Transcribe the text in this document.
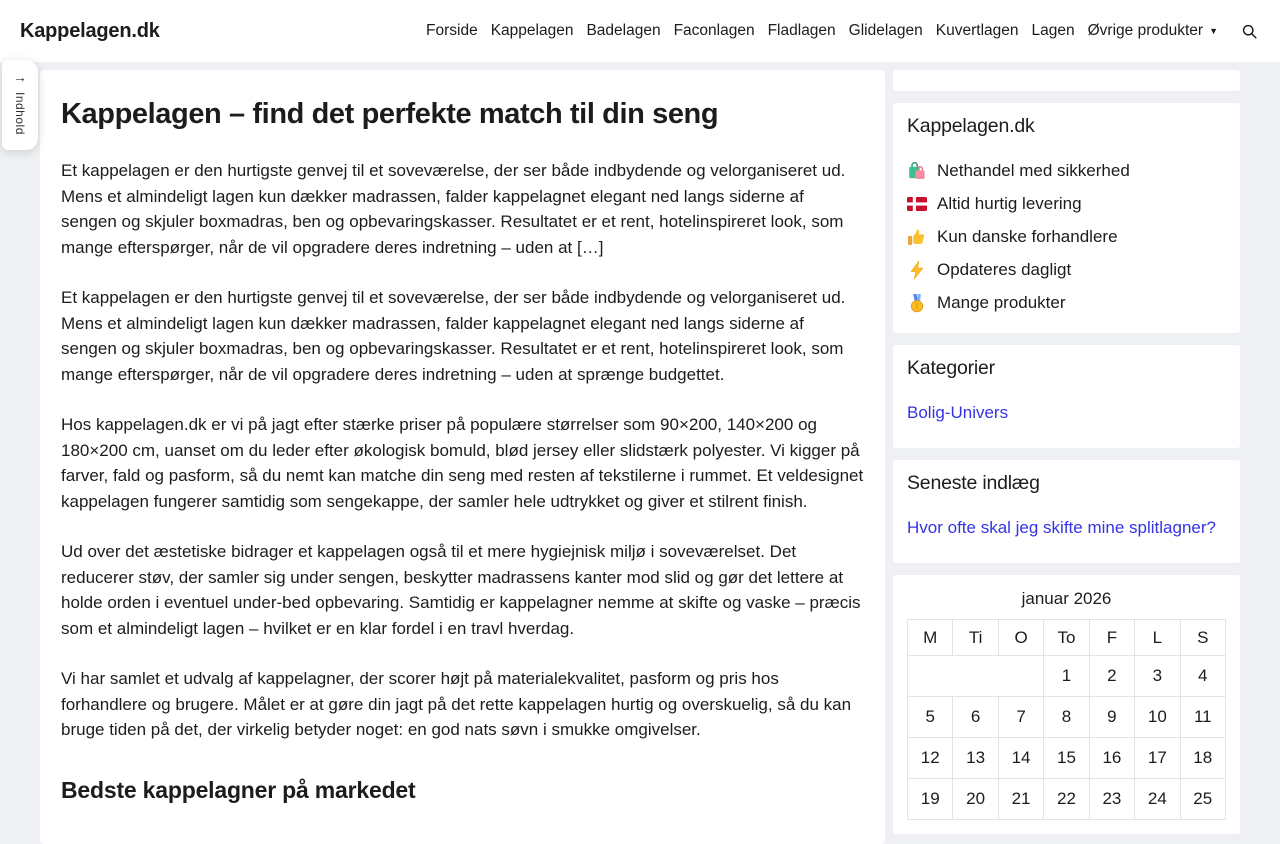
Kappelagen.dk	Forside Kappelagen Badelagen Faconlagen Fladlagen Glidelagen Kuvertlagen Lagen Øvrige produkter ▼
→
Indhold Kappelagen – find det perfekte match til din seng

Et kappelagen er den hurtigste genvej til et soveværelse, der ser både indbydende og velorganiseret ud. Mens et almindeligt lagen kun dækker madrassen, falder kappelagnet elegant ned langs siderne af sengen og skjuler boxmadras, ben og opbevaringskasser. Resultatet er et rent, hotelinspireret look, som mange efterspørger, når de vil opgradere deres indretning – uden at […]

Et kappelagen er den hurtigste genvej til et soveværelse, der ser både indbydende og velorganiseret ud. Mens et almindeligt lagen kun dækker madrassen, falder kappelagnet elegant ned langs siderne af sengen og skjuler boxmadras, ben og opbevaringskasser. Resultatet er et rent, hotelinspireret look, som mange efterspørger, når de vil opgradere deres indretning – uden at sprænge budgettet.

Hos kappelagen.dk er vi på jagt efter stærke priser på populære størrelser som 90×200, 140×200 og 180×200 cm, uanset om du leder efter økologisk bomuld, blød jersey eller slidstærk polyester. Vi kigger på farver, fald og pasform, så du nemt kan matche din seng med resten af tekstilerne i rummet. Et veldesignet kappelagen fungerer samtidig som sengekappe, der samler hele udtrykket og giver et stilrent finish.

Ud over det æstetiske bidrager et kappelagen også til et mere hygiejnisk miljø i soveværelset. Det reducerer støv, der samler sig under sengen, beskytter madrassens kanter mod slid og gør det lettere at holde orden i eventuel under-bed opbevaring. Samtidig er kappelagner nemme at skifte og vaske – præcis som et almindeligt lagen – hvilket er en klar fordel i en travl hverdag.

Vi har samlet et udvalg af kappelagner, der scorer højt på materialekvalitet, pasform og pris hos forhandlere og brugere. Målet er at gøre din jagt på det rette kappelagen hurtig og overskuelig, så du kan bruge tiden på det, der virkelig betyder noget: en god nats søvn i smukke omgivelser.

Bedste kappelagner på markedet
Kappelagen.dk
Nethandel med sikkerhed
Altid hurtig levering
Kun danske forhandlere
Opdateres dagligt
Mange produkter
Kategorier
Bolig-Univers
Seneste indlæg
Hvor ofte skal jeg skifte mine splitlagner?
januar 2026
M	Ti	O	To	F	L	S
			1	2	3	4
5	6	7	8	9	10	11
12	13	14	15	16	17	18
19	20	21	22	23	24	25
